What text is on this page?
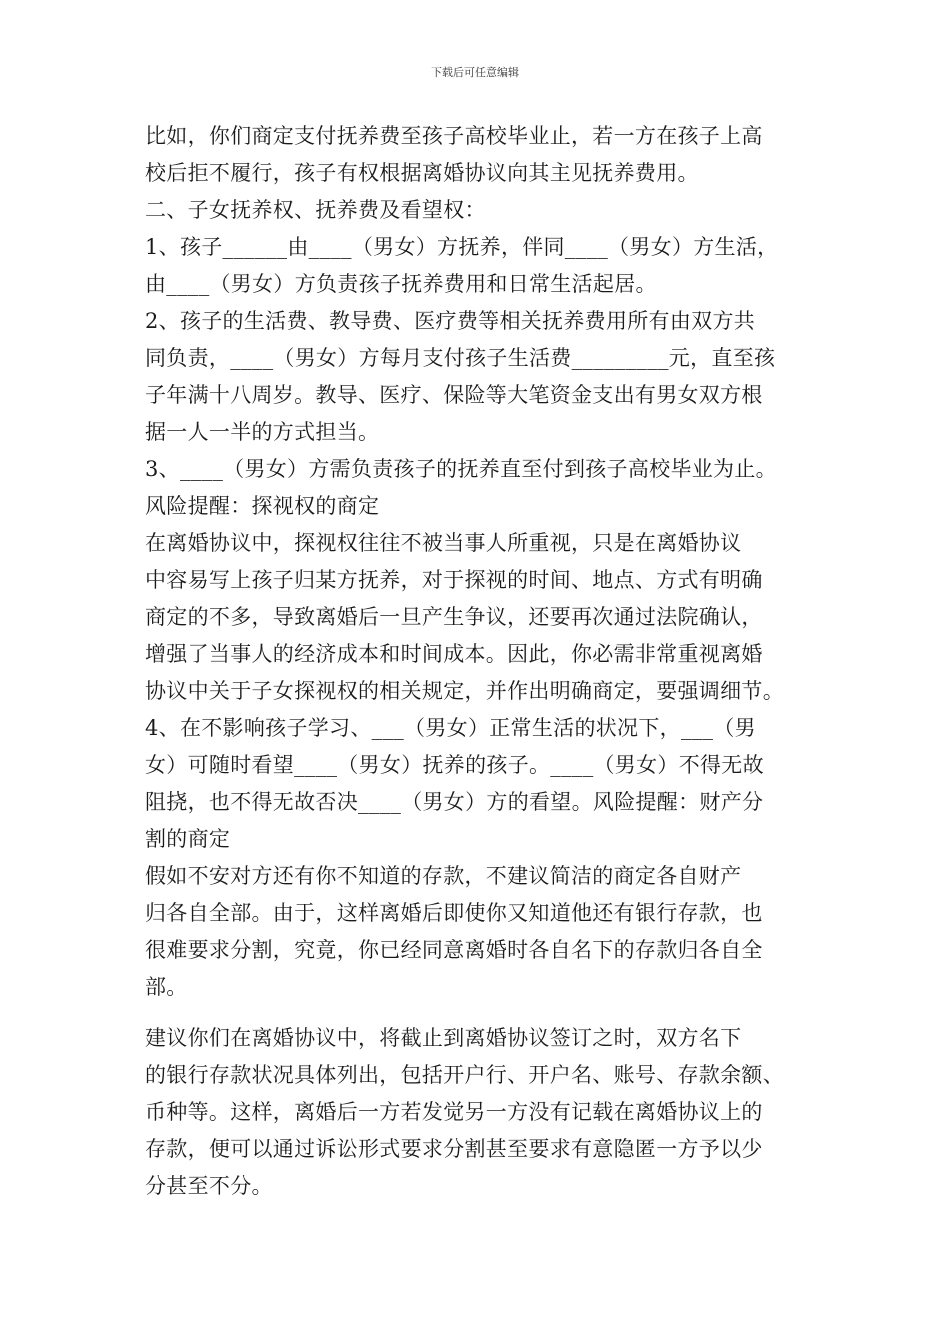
下载后可任意编辑
比如，你们商定支付抚养费至孩子高校毕业止，若一方在孩子上高
校后拒不履行，孩子有权根据离婚协议向其主见抚养费用。
二、子女抚养权、抚养费及看望权：
1、孩子______由____（男女）方抚养，伴同____（男女）方生活，
由____（男女）方负责孩子抚养费用和日常生活起居。
2、孩子的生活费、教导费、医疗费等相关抚养费用所有由双方共
同负责，____（男女）方每月支付孩子生活费_________元，直至孩
子年满十八周岁。教导、医疗、保险等大笔资金支出有男女双方根
据一人一半的方式担当。
3、____（男女）方需负责孩子的抚养直至付到孩子高校毕业为止。
风险提醒：探视权的商定
在离婚协议中，探视权往往不被当事人所重视，只是在离婚协议
中容易写上孩子归某方抚养，对于探视的时间、地点、方式有明确
商定的不多，导致离婚后一旦产生争议，还要再次通过法院确认，
增强了当事人的经济成本和时间成本。因此，你必需非常重视离婚
协议中关于子女探视权的相关规定，并作出明确商定，要强调细节。
4、在不影响孩子学习、___（男女）正常生活的状况下，___（男
女）可随时看望____（男女）抚养的孩子。____（男女）不得无故
阻挠，也不得无故否决____（男女）方的看望。风险提醒：财产分
割的商定
假如不安对方还有你不知道的存款，不建议简洁的商定各自财产
归各自全部。由于，这样离婚后即使你又知道他还有银行存款，也
很难要求分割，究竟，你已经同意离婚时各自名下的存款归各自全
部。
建议你们在离婚协议中，将截止到离婚协议签订之时，双方名下
的银行存款状况具体列出，包括开户行、开户名、账号、存款余额、
币种等。这样，离婚后一方若发觉另一方没有记载在离婚协议上的
存款，便可以通过诉讼形式要求分割甚至要求有意隐匿一方予以少
分甚至不分。
